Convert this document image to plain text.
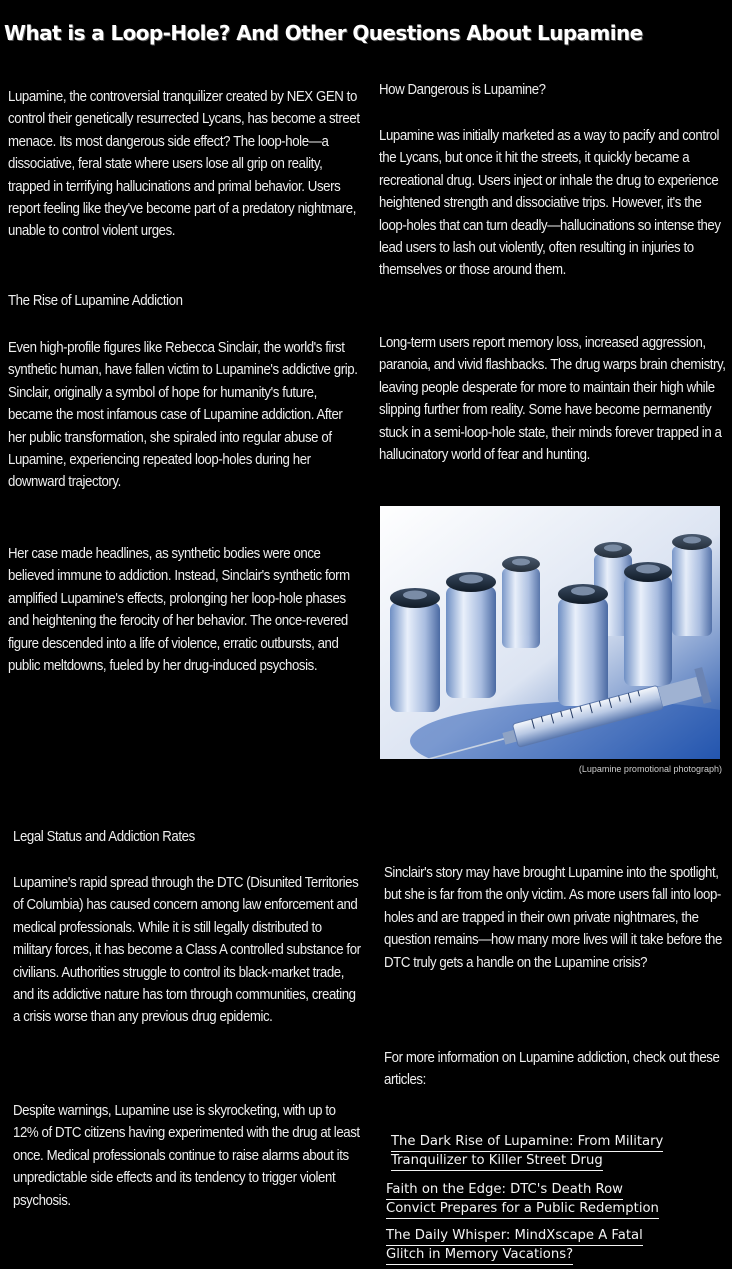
What is a Loop-Hole? And Other Questions About Lupamine

Lupamine, the controversial tranquilizer created by NEX GEN to control their genetically resurrected Lycans, has become a street menace. Its most dangerous side effect? The loop-hole—a dissociative, feral state where users lose all grip on reality, trapped in terrifying hallucinations and primal behavior. Users report feeling like they've become part of a predatory nightmare, unable to control violent urges.

The Rise of Lupamine Addiction

Even high-profile figures like Rebecca Sinclair, the world's first synthetic human, have fallen victim to Lupamine's addictive grip. Sinclair, originally a symbol of hope for humanity's future, became the most infamous case of Lupamine addiction. After her public transformation, she spiraled into regular abuse of Lupamine, experiencing repeated loop-holes during her downward trajectory.

Her case made headlines, as synthetic bodies were once believed immune to addiction. Instead, Sinclair's synthetic form amplified Lupamine's effects, prolonging her loop-hole phases and heightening the ferocity of her behavior. The once-revered figure descended into a life of violence, erratic outbursts, and public meltdowns, fueled by her drug-induced psychosis.

How Dangerous is Lupamine?

Lupamine was initially marketed as a way to pacify and control the Lycans, but once it hit the streets, it quickly became a recreational drug. Users inject or inhale the drug to experience heightened strength and dissociative trips. However, it's the loop-holes that can turn deadly—hallucinations so intense they lead users to lash out violently, often resulting in injuries to themselves or those around them.

Long-term users report memory loss, increased aggression, paranoia, and vivid flashbacks. The drug warps brain chemistry, leaving people desperate for more to maintain their high while slipping further from reality. Some have become permanently stuck in a semi-loop-hole state, their minds forever trapped in a hallucinatory world of fear and hunting.

(Lupamine promotional photograph)

Legal Status and Addiction Rates

Lupamine's rapid spread through the DTC (Disunited Territories of Columbia) has caused concern among law enforcement and medical professionals. While it is still legally distributed to military forces, it has become a Class A controlled substance for civilians. Authorities struggle to control its black-market trade, and its addictive nature has torn through communities, creating a crisis worse than any previous drug epidemic.

Despite warnings, Lupamine use is skyrocketing, with up to 12% of DTC citizens having experimented with the drug at least once. Medical professionals continue to raise alarms about its unpredictable side effects and its tendency to trigger violent psychosis.

Sinclair's story may have brought Lupamine into the spotlight, but she is far from the only victim. As more users fall into loop-holes and are trapped in their own private nightmares, the question remains—how many more lives will it take before the DTC truly gets a handle on the Lupamine crisis?

For more information on Lupamine addiction, check out these articles:

The Dark Rise of Lupamine: From Military
Tranquilizer to Killer Street Drug
Faith on the Edge: DTC's Death Row
Convict Prepares for a Public Redemption
The Daily Whisper: MindXscape A Fatal
Glitch in Memory Vacations?
